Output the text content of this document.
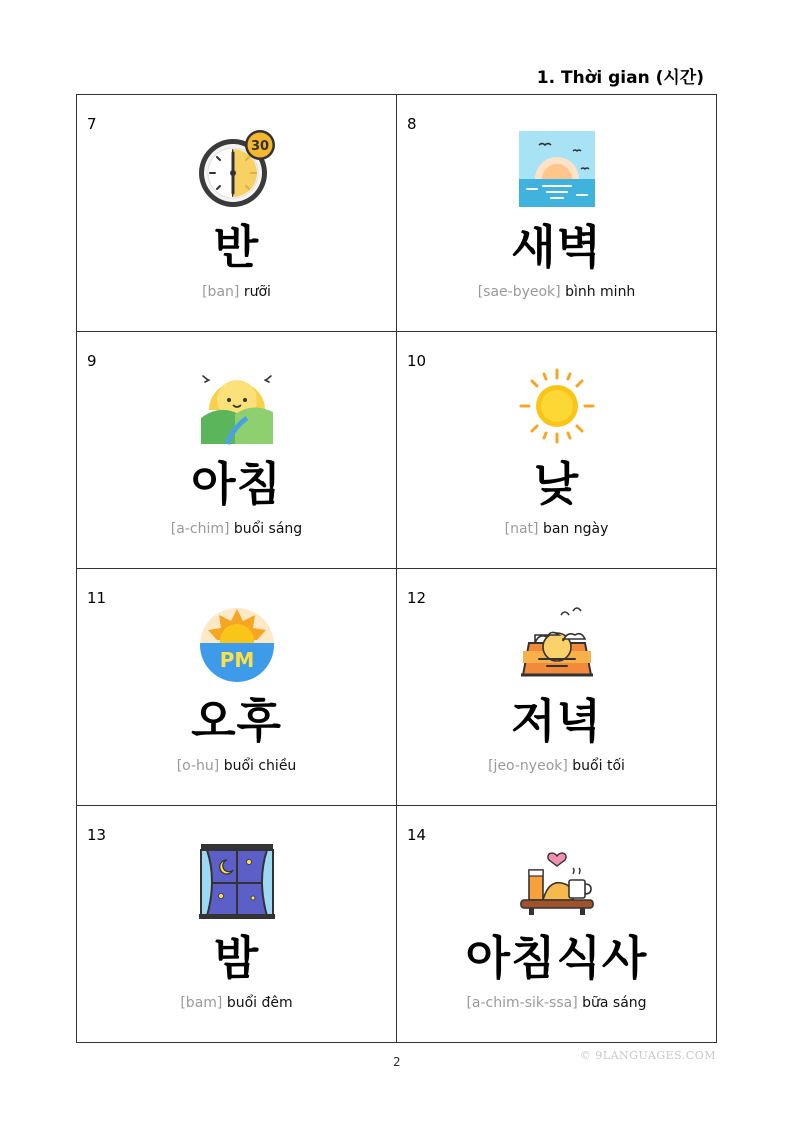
1. Thời gian (시간)
7
30
반
[ban] rưỡi
8
새벽
[sae-byeok] bình minh
9
아침
[a-chim] buổi sáng
10
낮
[nat] ban ngày
11
PM
오후
[o-hu] buổi chiều
12
저녁
[jeo-nyeok] buổi tối
13
밤
[bam] buổi đêm
14
아침식사
[a-chim-sik-ssa] bữa sáng
2	© 9LANGUAGES.COM
